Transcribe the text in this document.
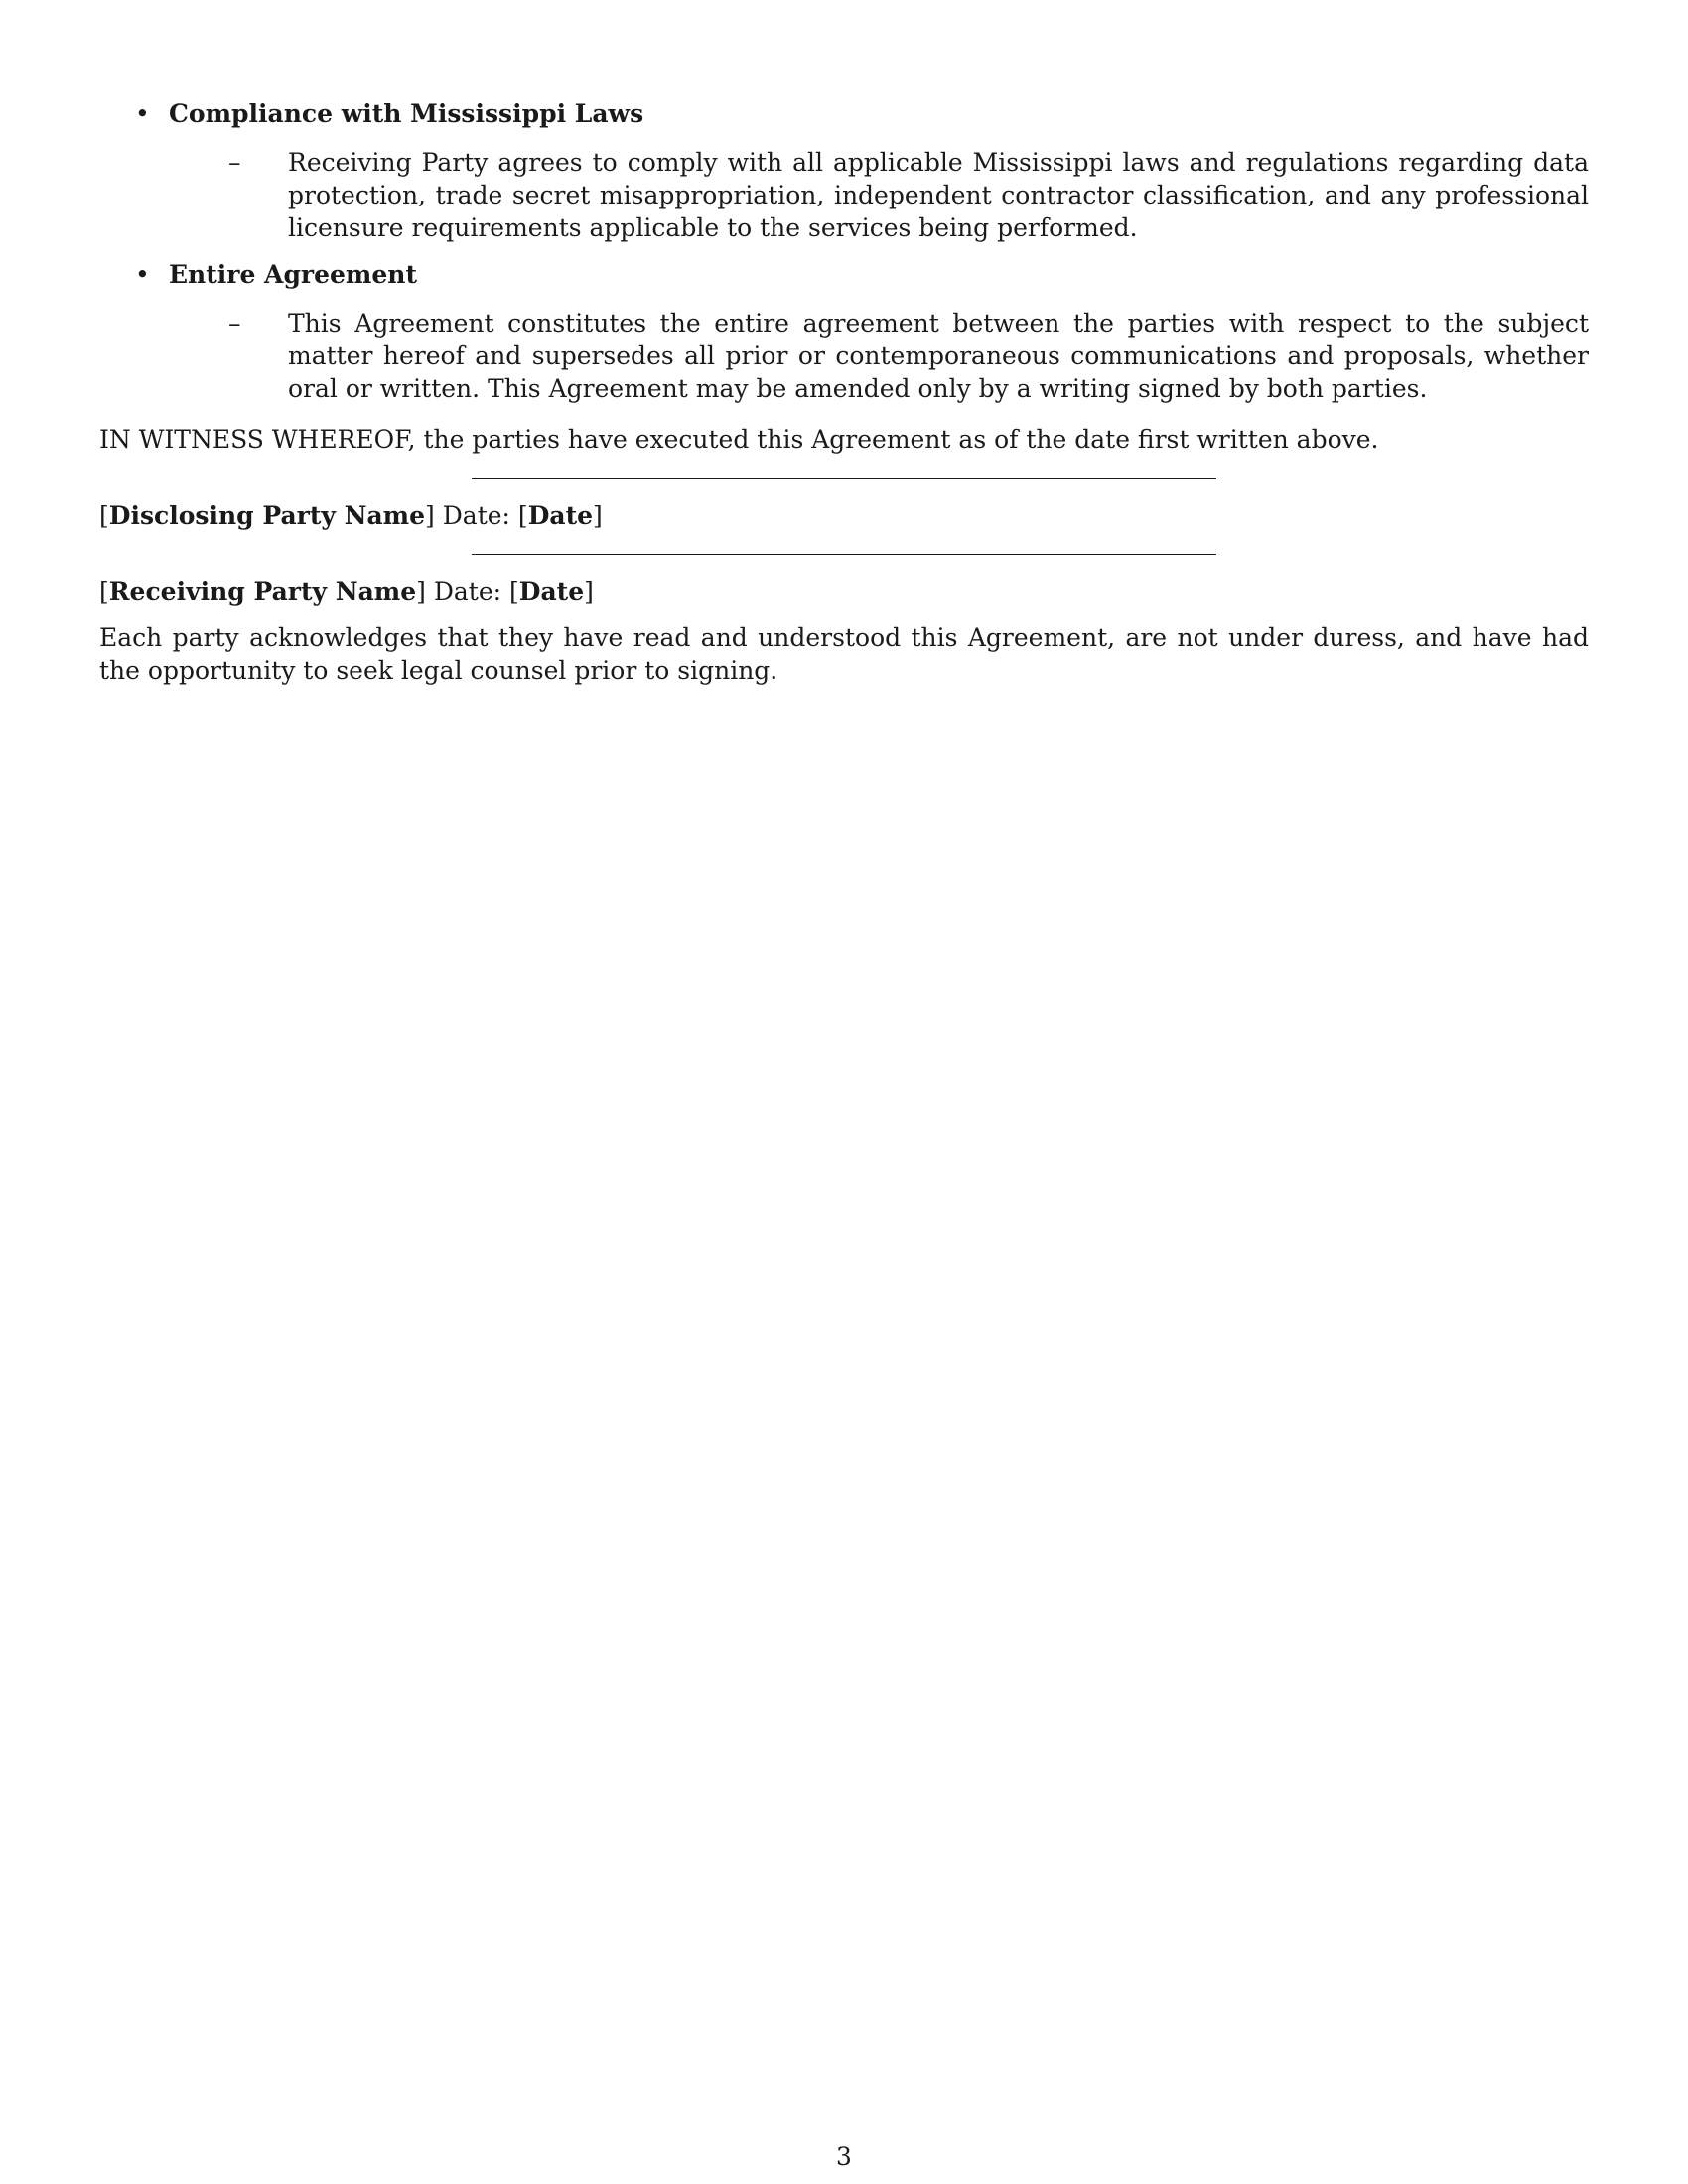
• Compliance with Mississippi Laws
– Receiving Party agrees to comply with all applicable Mississippi laws and regulations regarding data protection, trade secret misappropriation, independent contractor classification, and any professional licensure requirements applicable to the services being performed.
• Entire Agreement
– This Agreement constitutes the entire agreement between the parties with respect to the subject matter hereof and supersedes all prior or contemporaneous communications and proposals, whether oral or written. This Agreement may be amended only by a writing signed by both parties.

IN WITNESS WHEREOF, the parties have executed this Agreement as of the date first written above.

[Disclosing Party Name] Date: [Date]
[Receiving Party Name] Date: [Date]

Each party acknowledges that they have read and understood this Agreement, are not under duress, and have had the opportunity to seek legal counsel prior to signing.

3
